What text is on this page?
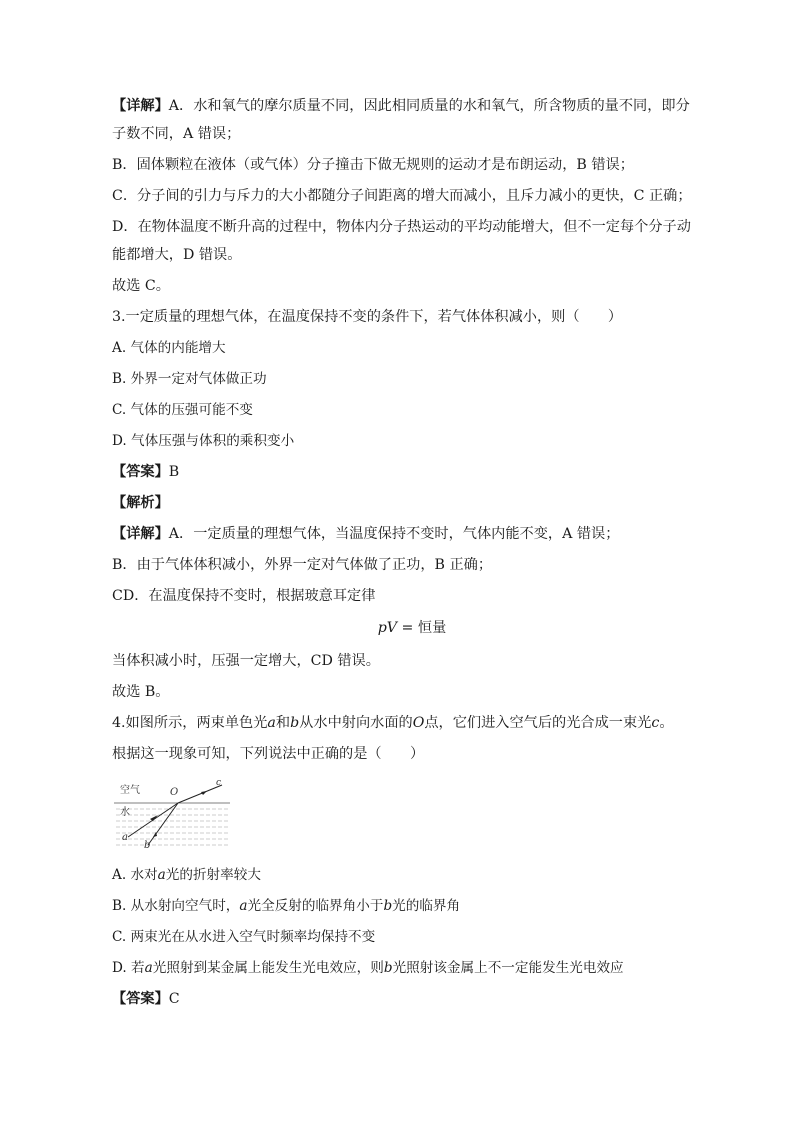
【详解】A．水和氧气的摩尔质量不同，因此相同质量的水和氧气，所含物质的量不同，即分

子数不同，A 错误；

B．固体颗粒在液体（或气体）分子撞击下做无规则的运动才是布朗运动，B 错误；

C．分子间的引力与斥力的大小都随分子间距离的增大而减小，且斥力减小的更快，C 正确；

D．在物体温度不断升高的过程中，物体内分子热运动的平均动能增大，但不一定每个分子动

能都增大，D 错误。

故选 C。

3.一定质量的理想气体，在温度保持不变的条件下，若气体体积减小，则（　　）

A. 气体的内能增大

B. 外界一定对气体做正功

C. 气体的压强可能不变

D. 气体压强与体积的乘积变小

【答案】B

【解析】

【详解】A．一定质量的理想气体，当温度保持不变时，气体内能不变，A 错误；

B．由于气体体积减小，外界一定对气体做了正功，B 正确；

CD．在温度保持不变时，根据玻意耳定律

pV = 恒量

当体积减小时，压强一定增大，CD 错误。

故选 B。

4.如图所示，两束单色光a和b从水中射向水面的O点，它们进入空气后的光合成一束光c。

根据这一现象可知，下列说法中正确的是（　　）

空气	O
c
水
a
b

A. 水对a光的折射率较大

B. 从水射向空气时，a光全反射的临界角小于b光的临界角

C. 两束光在从水进入空气时频率均保持不变

D. 若a光照射到某金属上能发生光电效应，则b光照射该金属上不一定能发生光电效应

【答案】C
